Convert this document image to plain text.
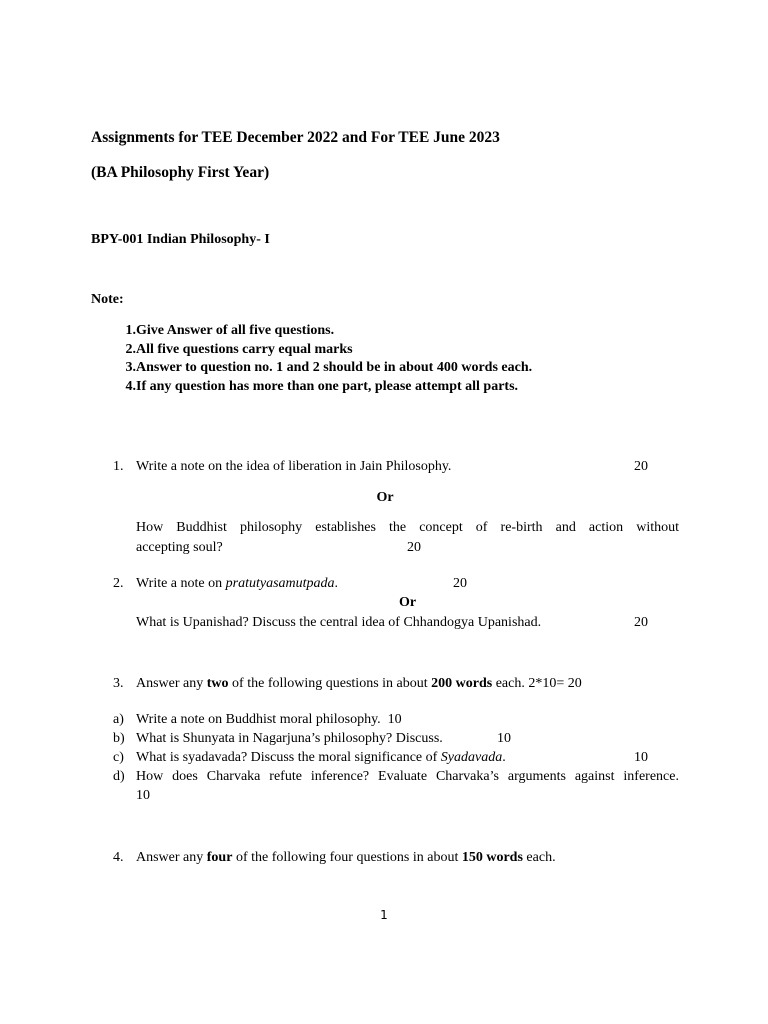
Assignments for TEE December 2022 and For TEE June 2023
(BA Philosophy First Year)
BPY-001 Indian Philosophy- I
Note:
1. Give Answer of all five questions.
2. All five questions carry equal marks
3. Answer to question no. 1 and 2 should be in about 400 words each.
4. If any question has more than one part, please attempt all parts.
1. Write a note on the idea of liberation in Jain Philosophy.	20
Or
How Buddhist philosophy establishes the concept of re-birth and action without
accepting soul?	20
2. Write a note on pratutyasamutpada.	20
Or
What is Upanishad? Discuss the central idea of Chhandogya Upanishad.	20
3. Answer any two of the following questions in about 200 words each. 2*10= 20
a) Write a note on Buddhist moral philosophy. 10
b) What is Shunyata in Nagarjuna’s philosophy? Discuss.	10
c) What is syadavada? Discuss the moral significance of Syadavada.	10
d) How does Charvaka refute inference? Evaluate Charvaka’s arguments against inference.
10
4. Answer any four of the following four questions in about 150 words each.
1
